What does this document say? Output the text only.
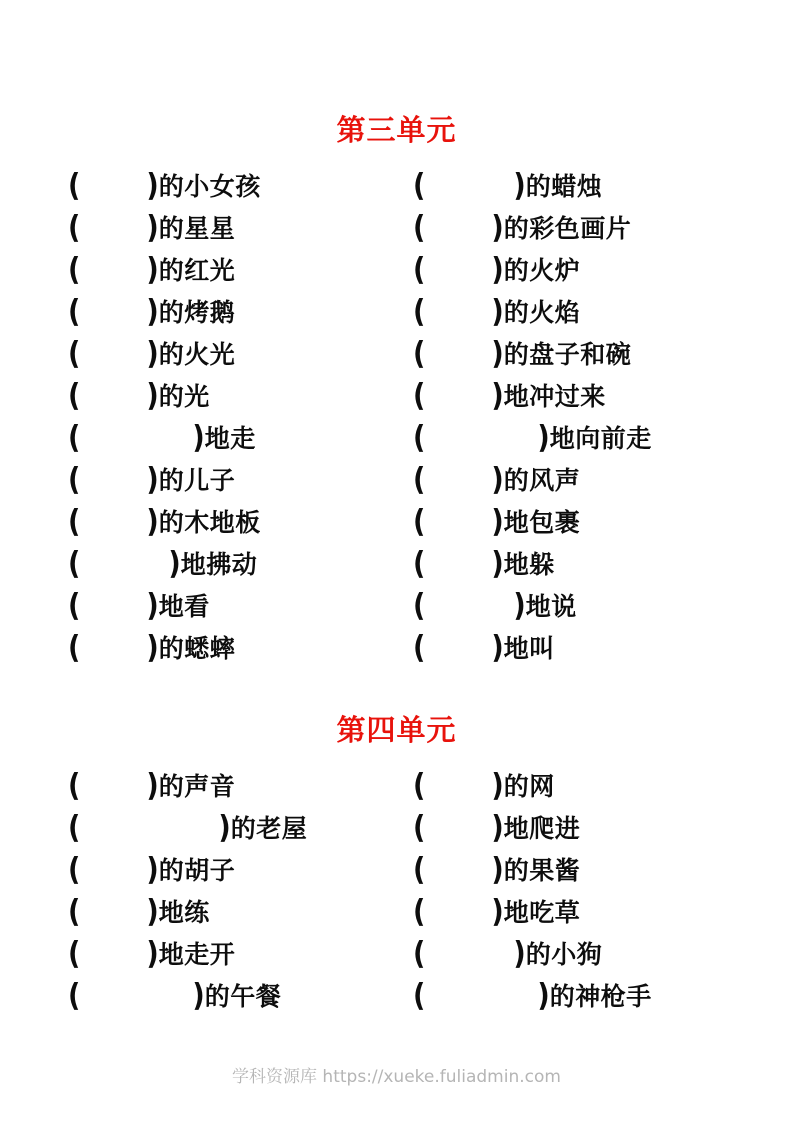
第三单元
( ) 的小女孩	(	) 的蜡烛
( ) 的星星	( ) 的彩色画片
( ) 的红光	( ) 的火炉
( ) 的烤鹅	( ) 的火焰
( ) 的火光	( ) 的盘子和碗
( ) 的光	( ) 地冲过来
(	) 地走	(	) 地向前走
( ) 的儿子	( ) 的风声
( ) 的木地板	( ) 地包裹
(	) 地拂动	( ) 地躲
( ) 地看	(	) 地说
( ) 的蟋蟀	( ) 地叫
第四单元
( ) 的声音	( ) 的网
(	) 的老屋	( ) 地爬进
( ) 的胡子	( ) 的果酱
( ) 地练	( ) 地吃草
( ) 地走开	(	) 的小狗
(	) 的午餐	(	) 的神枪手
学科资源库 https://xueke.fuliadmin.com
